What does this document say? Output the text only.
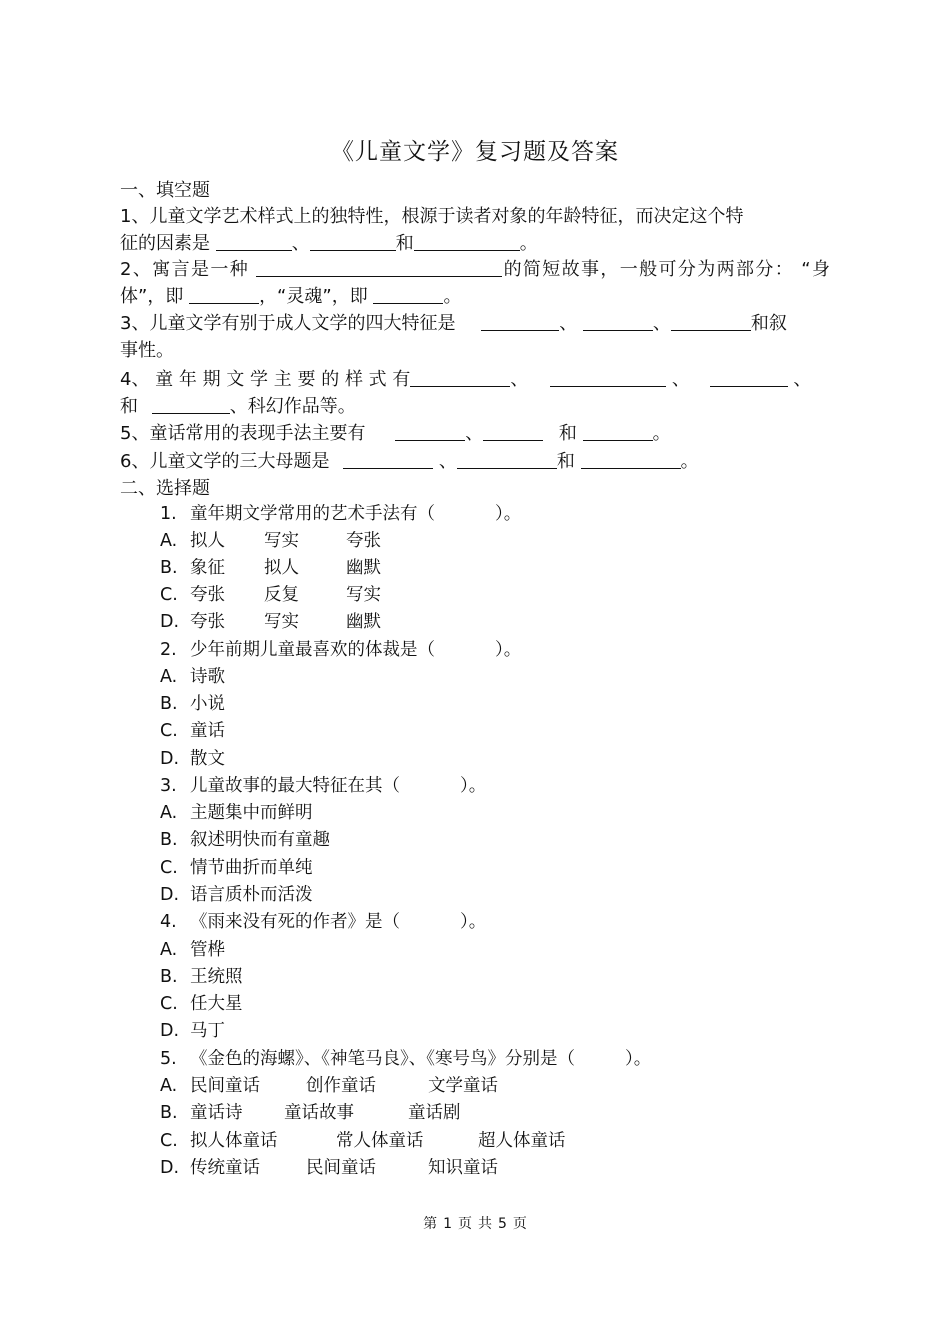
《儿童文学》复习题及答案
一、填空题
1、儿童文学艺术样式上的独特性，根源于读者对象的年龄特征，而决定这个特
征的因素是	、	和	。
2、寓言是一种	的简短故事，一般可分为两部分： “身
体”，即	，“灵魂”，即	。
3、儿童文学有别于成人文学的四大特征是	、	、	和叙
事性。
4、 童 年 期 文 学 主 要 的 样 式 有	、	、	、
和	、科幻作品等。
5、童话常用的表现手法主要有	、	和	。
6、儿童文学的三大母题是	、	和	。
二、选择题
1. 童年期文学常用的艺术手法有（	）。
A. 拟人 写实	夸张
B. 象征 拟人	幽默
C. 夸张 反复	写实
D. 夸张 写实	幽默
2. 少年前期儿童最喜欢的体裁是（	）。
A. 诗歌
B. 小说
C. 童话
D. 散文
3. 儿童故事的最大特征在其（	）。
A. 主题集中而鲜明
B. 叙述明快而有童趣
C. 情节曲折而单纯
D. 语言质朴而活泼
4. 《雨来没有死的作者》是（	）。
A. 管桦
B. 王统照
C. 任大星
D. 马丁
5. 《金色的海螺》、《神笔马良》、《寒号鸟》分别是（	）。
A. 民间童话	创作童话	文学童话
B. 童话诗 童话故事	童话剧
C. 拟人体童话	常人体童话	超人体童话
D. 传统童话	民间童话	知识童话
第 1 页 共 5 页
